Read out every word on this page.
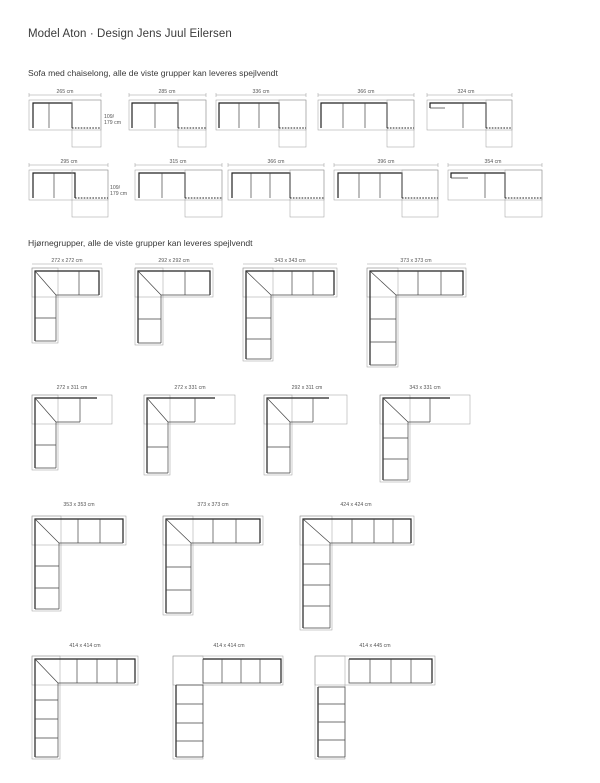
Model Aton · Design Jens Juul Eilersen
Sofa med chaiselong, alle de viste grupper kan leveres spejlvendt
Hjørnegrupper, alle de viste grupper kan leveres spejlvendt
265 cm	285 cm	336 cm	366 cm	324 cm
109/
179 cm
295 cm	315 cm	366 cm	396 cm	354 cm
109/
179 cm
272 x 272 cm	292 x 292 cm	343 x 343 cm	373 x 373 cm
272 x 311 cm	272 x 331 cm	292 x 311 cm	343 x 331 cm
353 x 353 cm	373 x 373 cm	424 x 424 cm
414 x 414 cm	414 x 414 cm	414 x 445 cm
